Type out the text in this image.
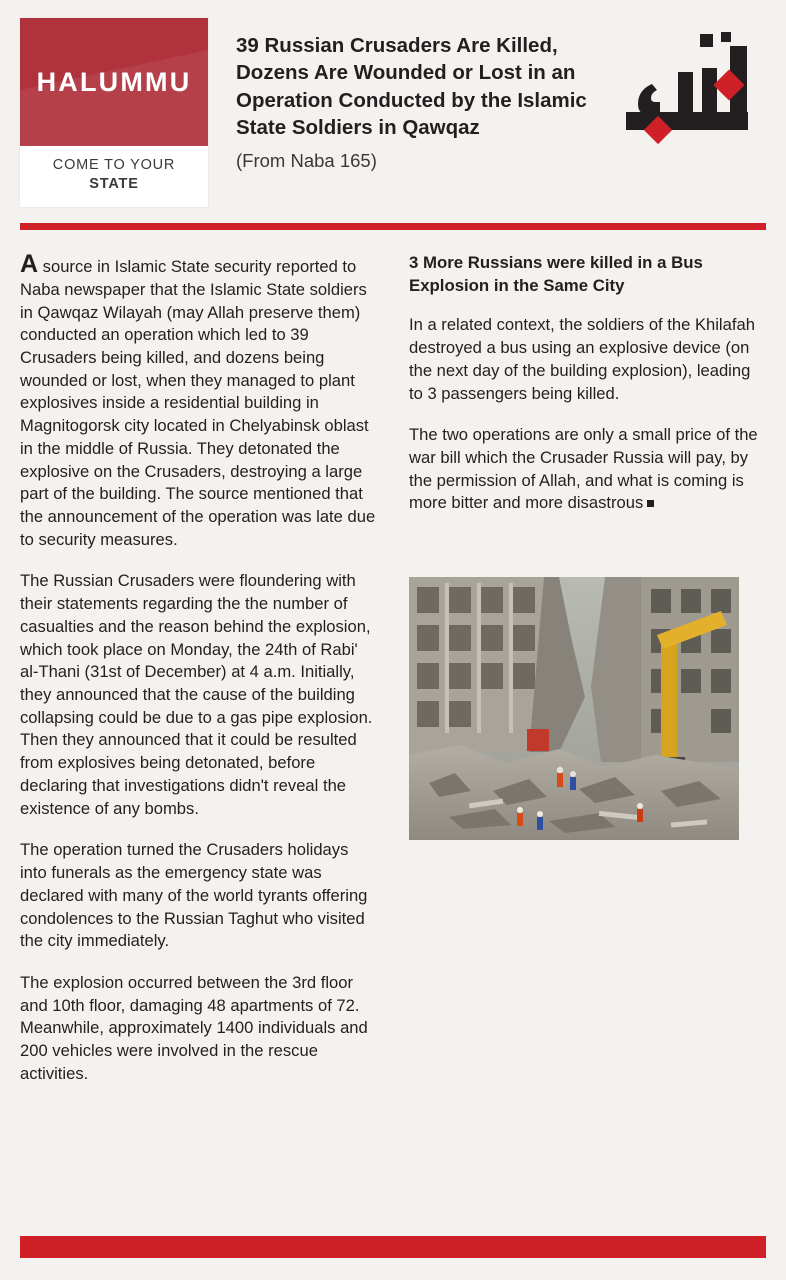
HALUMMU
COME TO YOUR
STATE
39 Russian Crusaders Are Killed, Dozens Are Wounded or Lost in an Operation Conducted by the Islamic State Soldiers in Qawqaz
(From Naba 165)

A source in Islamic State security reported to Naba newspaper that the Islamic State soldiers in Qawqaz Wilayah (may Allah preserve them) conducted an operation which led to 39 Crusaders being killed, and dozens being wounded or lost, when they managed to plant explosives inside a residential building in Magnitogorsk city located in Chelyabinsk oblast in the middle of Russia. They detonated the explosive on the Crusaders, destroying a large part of the building. The source mentioned that the announcement of the operation was late due to security measures.

The Russian Crusaders were floundering with their statements regarding the the number of casualties and the reason behind the explosion, which took place on Monday, the 24th of Rabi' al-Thani (31st of December) at 4 a.m. Initially, they announced that the cause of the building collapsing could be due to a gas pipe explosion. Then they announced that it could be resulted from explosives being detonated, before declaring that investigations didn't reveal the existence of any bombs.

The operation turned the Crusaders holidays into funerals as the emergency state was declared with many of the world tyrants offering condolences to the Russian Taghut who visited the city immediately.

The explosion occurred between the 3rd floor and 10th floor, damaging 48 apartments of 72. Meanwhile, approximately 1400 individuals and 200 vehicles were involved in the rescue activities.

3 More Russians were killed in a Bus Explosion in the Same City

In a related context, the soldiers of the Khilafah destroyed a bus using an explosive device (on the next day of the building explosion), leading to 3 passengers being killed.

The two operations are only a small price of the war bill which the Crusader Russia will pay, by the permission of Allah, and what is coming is more bitter and more disastrous
